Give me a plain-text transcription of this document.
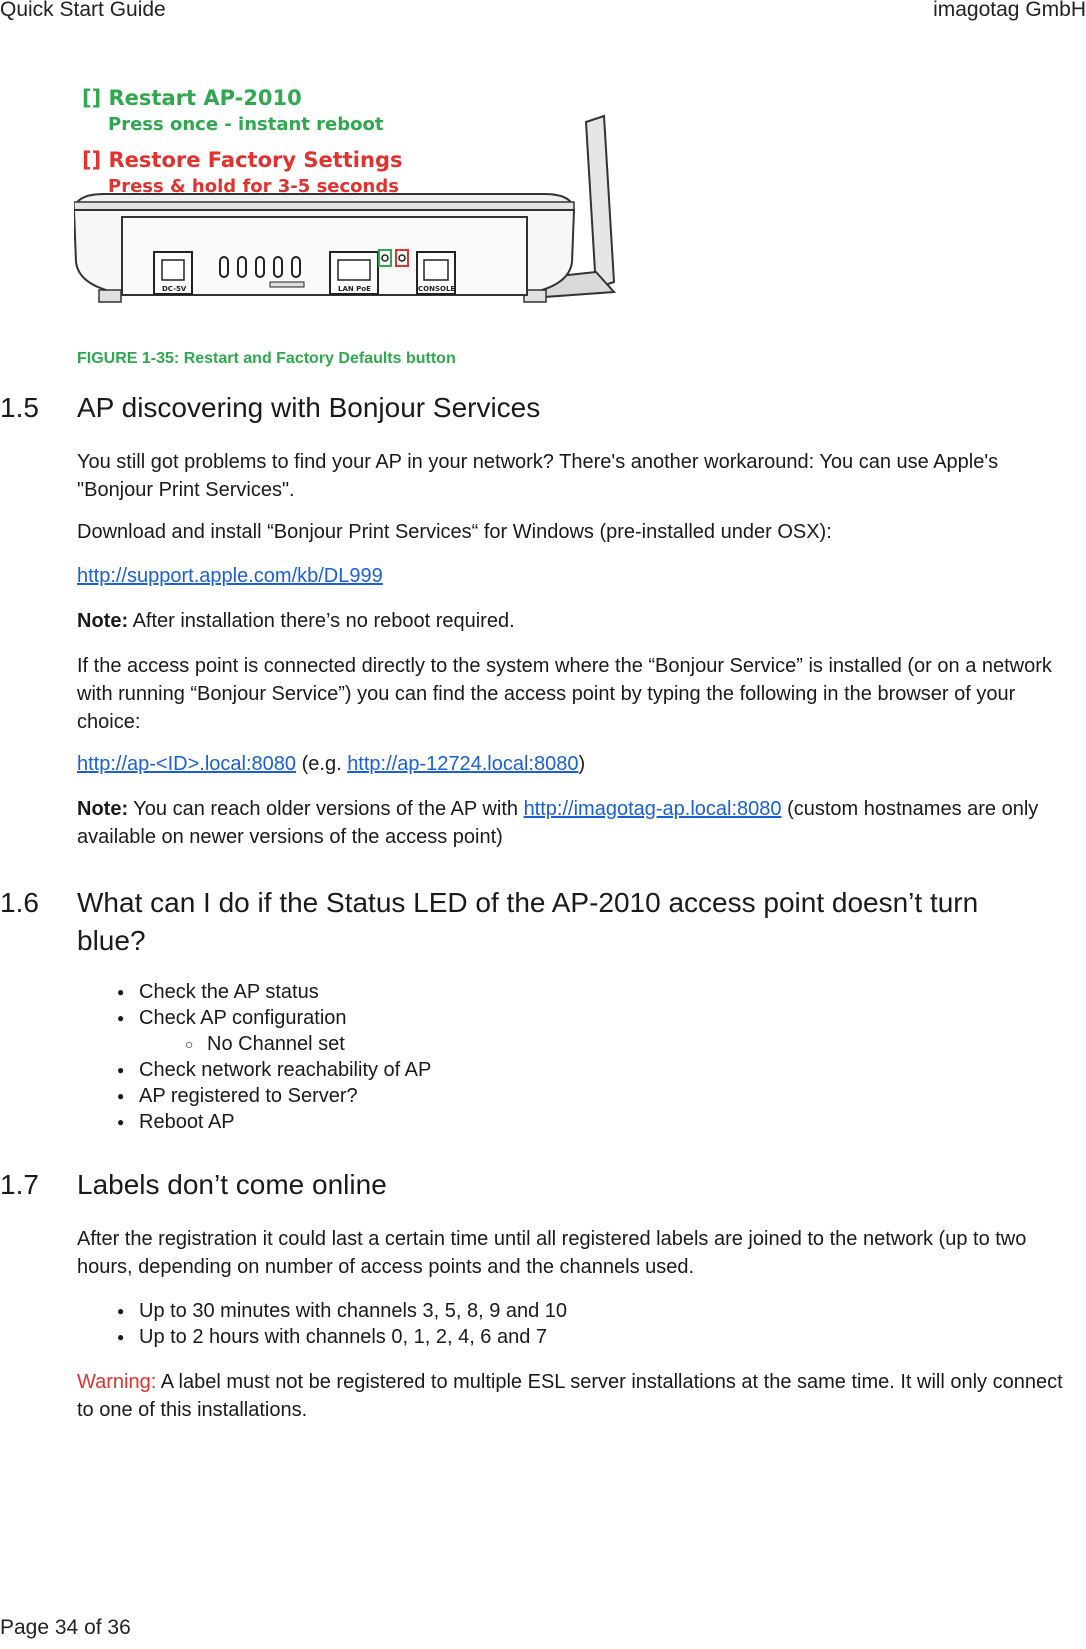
Quick Start Guide	imagotag GmbH
DC-5V	LAN PoE	CONSOLE
[] Restart AP-2010
Press once - instant reboot
[] Restore Factory Settings
Press & hold for 3-5 seconds
FIGURE 1-35: Restart and Factory Defaults button
1.5 AP discovering with Bonjour Services

You still got problems to find your AP in your network? There's another workaround: You can use Apple's "Bonjour Print Services".

Download and install “Bonjour Print Services“ for Windows (pre-installed under OSX):

http://support.apple.com/kb/DL999

Note: After installation there’s no reboot required.

If the access point is connected directly to the system where the “Bonjour Service” is installed (or on a network with running “Bonjour Service”) you can find the access point by typing the following in the browser of your choice:

http://ap-<ID>.local:8080 (e.g. http://ap-12724.local:8080)

Note: You can reach older versions of the AP with http://imagotag-ap.local:8080 (custom hostnames are only available on newer versions of the access point)

1.6 What can I do if the Status LED of the AP-2010 access point doesn’t turn blue?
● Check the AP status
● Check AP configuration
○ No Channel set
● Check network reachability of AP
● AP registered to Server?
● Reboot AP
1.7 Labels don’t come online

After the registration it could last a certain time until all registered labels are joined to the network (up to two hours, depending on number of access points and the channels used.

● Up to 30 minutes with channels 3, 5, 8, 9 and 10
● Up to 2 hours with channels 0, 1, 2, 4, 6 and 7

Warning: A label must not be registered to multiple ESL server installations at the same time. It will only connect to one of this installations.

Page 34 of 36
